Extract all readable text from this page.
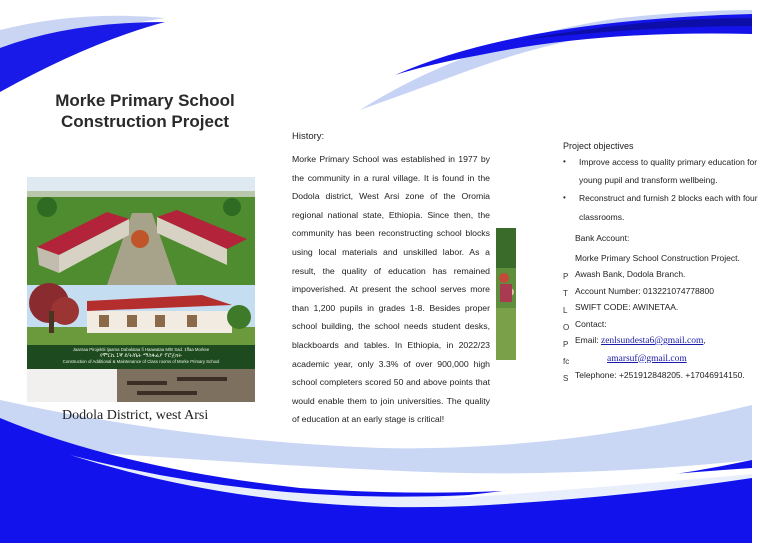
Morke Primary School
Construction Project
Jaarsaa Pirojektii Ijaarsa Dabalataa fi Haawataa M/B Sad. 1ffaa Morkee
የሞርኬ 1ኛ ደ/ት/ቤት ማስፋፊያ ፕሮጀክት
Construction of Additional & Maintenance of Class rooms of Morke Primary School
Dodola District, west Arsi
History:
Morke Primary School was established in 1977 by the community in a rural village. It is found in the Dodola district, West Arsi zone of the Oromia regional national state, Ethiopia. Since then, the community has been reconstructing school blocks using local materials and unskilled labor. As a result, the quality of education has remained impoverished. At present the school serves more than 1,200 pupils in grades 1-8. Besides proper school building, the school needs student desks, blackboards and tables. In Ethiopia, in 2022/23 academic year, only 3.3% of over 900,000 high school completers scored 50 and above points that would enable them to join universities. The quality of education at an early stage is critical!
P
T
L
O
P
fc
S
Project objectives
• Improve access to quality primary education for young pupil and transform wellbeing.
• Reconstruct and furnish 2 blocks each with four classrooms.
•
Bank Account:
Morke Primary School Construction Project.
Awash Bank, Dodola Branch.
Account Number: 013221074778800
SWIFT CODE: AWINETAA.
Contact:
Email: zenlsundesta6@gmail.com,
amarsuf@gmail.com
Telephone: +251912848205. +17046914150.
